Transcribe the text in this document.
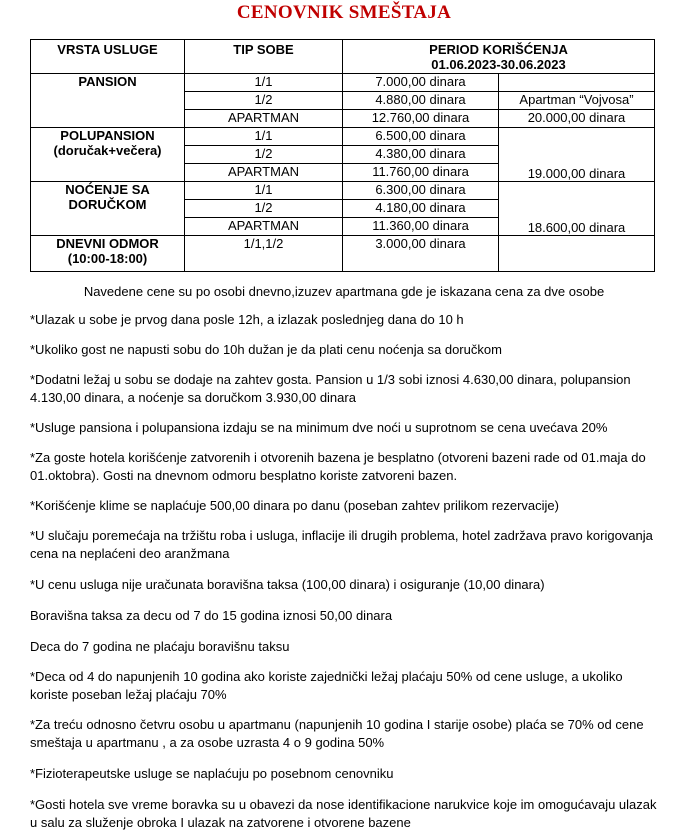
CENOVNIK SMEŠTAJA
VRSTA USLUGE	TIP SOBE	PERIOD KORIŠĆENJA
01.06.2023-30.06.2023	

PANSION	1/1	7.000,00 dinara	
	1/2	4.880,00 dinara	Apartman “Vojvosa”
	APARTMAN	12.760,00 dinara	20.000,00 dinara

POLUPANSION
(doručak+večera)	1/1	6.500,00 dinara	19.000,00 dinara
	1/2	4.380,00 dinara	
	APARTMAN	11.760,00 dinara	

NOĆENJE SA
DORUČKOM	1/1	6.300,00 dinara	18.600,00 dinara
	1/2	4.180,00 dinara	
	APARTMAN	11.360,00 dinara	

DNEVNI ODMOR
(10:00-18:00)	1/1,1/2	3.000,00 dinara	
Navedene cene su po osobi dnevno,izuzev apartmana gde je iskazana cena za dve osobe
*Ulazak u sobe je prvog dana posle 12h, a izlazak poslednjeg dana do 10 h
*Ukoliko gost ne napusti sobu do 10h dužan je da plati cenu noćenja sa doručkom
*Dodatni ležaj u sobu se dodaje na zahtev gosta. Pansion u 1/3 sobi iznosi 4.630,00 dinara, polupansion 4.130,00 dinara, a noćenje sa doručkom 3.930,00 dinara
*Usluge pansiona i polupansiona izdaju se na minimum dve noći u suprotnom se cena uvećava 20%
*Za goste hotela korišćenje zatvorenih i otvorenih bazena je besplatno (otvoreni bazeni rade od 01.maja do 01.oktobra). Gosti na dnevnom odmoru besplatno koriste zatvoreni bazen.
*Korišćenje klime se naplaćuje 500,00 dinara po danu (poseban zahtev prilikom rezervacije)
*U slučaju poremećaja na tržištu roba i usluga, inflacije ili drugih problema, hotel zadržava pravo korigovanja cena na neplaćeni deo aranžmana
*U cenu usluga nije uračunata boravišna taksa (100,00 dinara) i osiguranje (10,00 dinara)
Boravišna taksa za decu od 7 do 15 godina iznosi 50,00 dinara
Deca do 7 godina ne plaćaju boravišnu taksu
*Deca od 4 do napunjenih 10 godina ako koriste zajednički ležaj plaćaju 50% od cene usluge, a ukoliko koriste poseban ležaj plaćaju 70%
*Za treću odnosno četvru osobu u apartmanu (napunjenih 10 godina I starije osobe) plaća se 70% od cene smeštaja u apartmanu , a za osobe uzrasta 4 o 9 godina 50%
*Fizioterapeutske usluge se naplaćuju po posebnom cenovniku
*Gosti hotela sve vreme boravka su u obavezi da nose identifikacione narukvice koje im omogućavaju ulazak u salu za služenje obroka I ulazak na zatvorene i otvorene bazene
